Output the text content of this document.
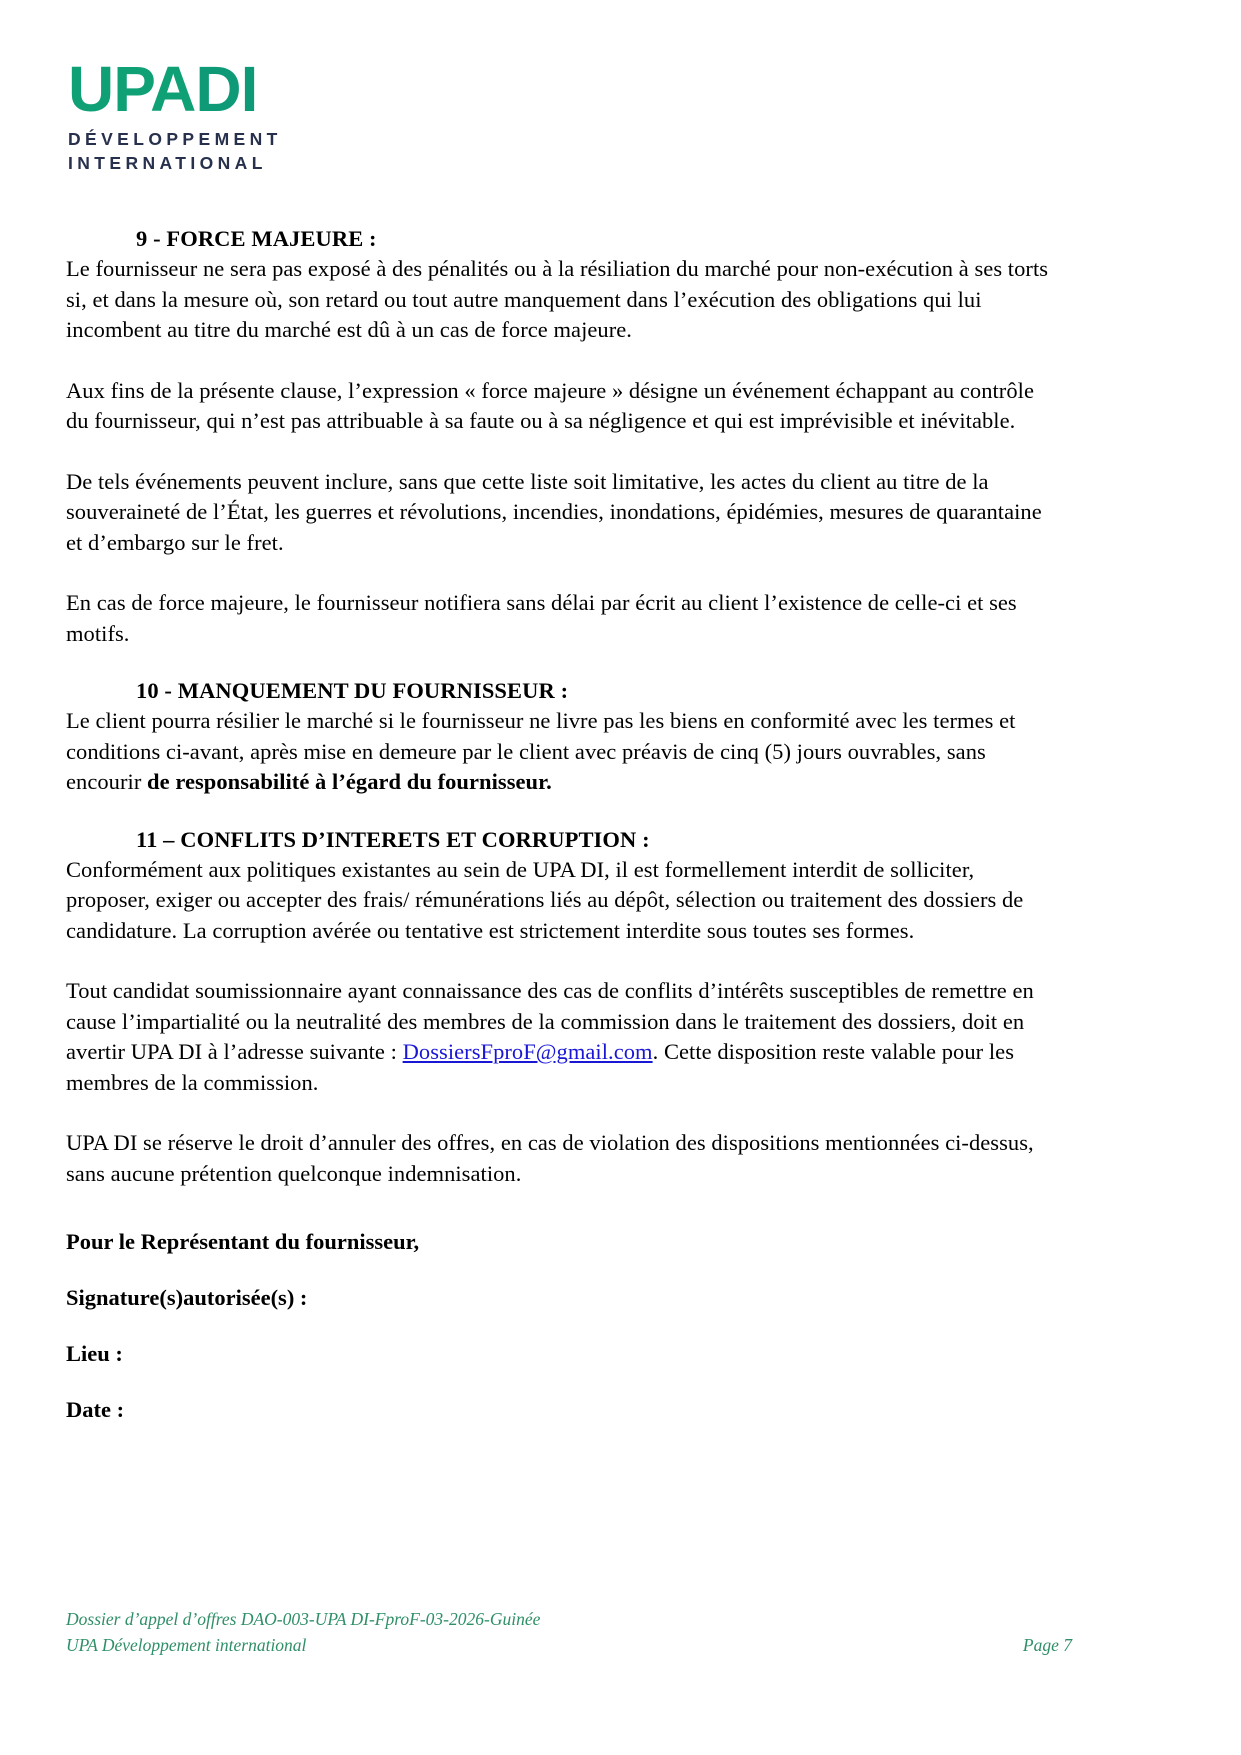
UPADI
DÉVELOPPEMENT
INTERNATIONAL
9 - FORCE MAJEURE :

Le fournisseur ne sera pas exposé à des pénalités ou à la résiliation du marché pour non-exécution à ses torts si, et dans la mesure où, son retard ou tout autre manquement dans l’exécution des obligations qui lui incombent au titre du marché est dû à un cas de force majeure.

Aux fins de la présente clause, l’expression « force majeure » désigne un événement échappant au contrôle du fournisseur, qui n’est pas attribuable à sa faute ou à sa négligence et qui est imprévisible et inévitable.

De tels événements peuvent inclure, sans que cette liste soit limitative, les actes du client au titre de la souveraineté de l’État, les guerres et révolutions, incendies, inondations, épidémies, mesures de quarantaine et d’embargo sur le fret.

En cas de force majeure, le fournisseur notifiera sans délai par écrit au client l’existence de celle-ci et ses motifs.

10 - MANQUEMENT DU FOURNISSEUR :

Le client pourra résilier le marché si le fournisseur ne livre pas les biens en conformité avec les termes et conditions ci-avant, après mise en demeure par le client avec préavis de cinq (5) jours ouvrables, sans encourir de responsabilité à l’égard du fournisseur.

11 – CONFLITS D’INTERETS ET CORRUPTION :

Conformément aux politiques existantes au sein de UPA DI, il est formellement interdit de solliciter, proposer, exiger ou accepter des frais/ rémunérations liés au dépôt, sélection ou traitement des dossiers de candidature. La corruption avérée ou tentative est strictement interdite sous toutes ses formes.

Tout candidat soumissionnaire ayant connaissance des cas de conflits d’intérêts susceptibles de remettre en cause l’impartialité ou la neutralité des membres de la commission dans le traitement des dossiers, doit en avertir UPA DI à l’adresse suivante : DossiersFproF@gmail.com. Cette disposition reste valable pour les membres de la commission.

UPA DI se réserve le droit d’annuler des offres, en cas de violation des dispositions mentionnées ci-dessus, sans aucune prétention quelconque indemnisation.

Pour le Représentant du fournisseur,

Signature(s)autorisée(s) :

Lieu :

Date :

Dossier d’appel d’offres DAO-003-UPA DI-FproF-03-2026-Guinée
UPA Développement international	Page 7
